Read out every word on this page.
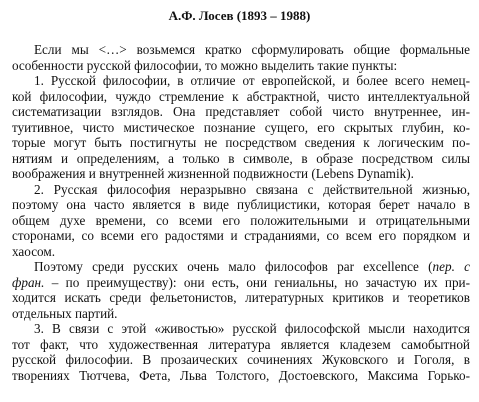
А.Ф. Лосев (1893 – 1988)
Если мы <…> возьмемся кратко сформулировать общие формальные
особенности русской философии, то можно выделить такие пункты:
1. Русской философии, в отличие от европейской, и более всего немец-
кой философии, чуждо стремление к абстрактной, чисто интеллектуальной
систематизации взглядов. Она представляет собой чисто внутреннее, ин-
туитивное, чисто мистическое познание сущего, его скрытых глубин, ко-
торые могут быть постигнуты не посредством сведения к логическим по-
нятиям и определениям, а только в символе, в образе посредством силы
воображения и внутренней жизненной подвижности (Lebens Dynamik).
2. Русская философия неразрывно связана с действительной жизнью,
поэтому она часто является в виде публицистики, которая берет начало в
общем духе времени, со всеми его положительными и отрицательными
сторонами, со всеми его радостями и страданиями, со всем его порядком и
хаосом.
Поэтому среди русских очень мало философов par excellence (пер. с
фран. – по преимуществу): они есть, они гениальны, но зачастую их при-
ходится искать среди фельетонистов, литературных критиков и теоретиков
отдельных партий.
3. В связи с этой «живостью» русской философской мысли находится
тот факт, что художественная литература является кладезем самобытной
русской философии. В прозаических сочинениях Жуковского и Гоголя, в
творениях Тютчева, Фета, Льва Толстого, Достоевского, Максима Горько-
